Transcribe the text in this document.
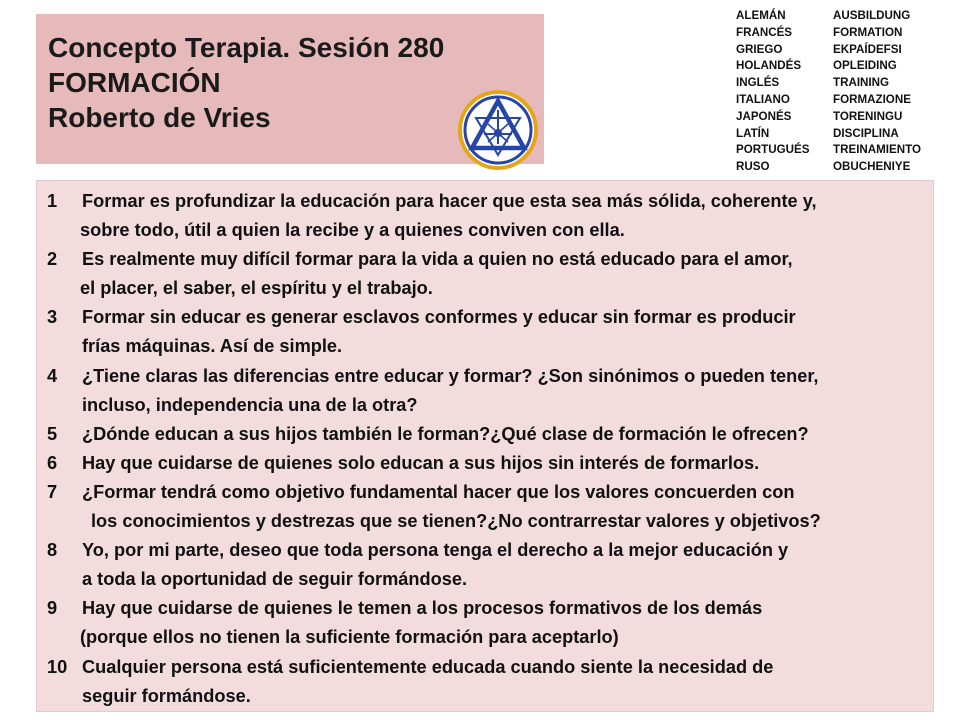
Concepto Terapia. Sesión 280
FORMACIÓN
Roberto de Vries
ALEMÁN	AUSBILDUNG
FRANCÉS	FORMATION
GRIEGO	EKPAÍDEFSI
HOLANDÉS	OPLEIDING
INGLÉS	TRAINING
ITALIANO	FORMAZIONE
JAPONÉS	TORENINGU
LATÍN	DISCIPLINA
PORTUGUÉS	TREINAMIENTO
RUSO	OBUCHENIYE
1 Formar es profundizar la educación para hacer que esta sea más sólida, coherente y,
sobre todo, útil a quien la recibe y a quienes conviven con ella.
2 Es realmente muy difícil formar para la vida a quien no está educado para el amor,
el placer, el saber, el espíritu y el trabajo.
3 Formar sin educar es generar esclavos conformes y educar sin formar es producir
frías máquinas. Así de simple.
4 ¿Tiene claras las diferencias entre educar y formar? ¿Son sinónimos o pueden tener,
incluso, independencia una de la otra?
5 ¿Dónde educan a sus hijos también le forman?¿Qué clase de formación le ofrecen?
6 Hay que cuidarse de quienes solo educan a sus hijos sin interés de formarlos.
7 ¿Formar tendrá como objetivo fundamental hacer que los valores concuerden con
los conocimientos y destrezas que se tienen?¿No contrarrestar valores y objetivos?
8 Yo, por mi parte, deseo que toda persona tenga el derecho a la mejor educación y
a toda la oportunidad de seguir formándose.
9 Hay que cuidarse de quienes le temen a los procesos formativos de los demás
(porque ellos no tienen la suficiente formación para aceptarlo)
10 Cualquier persona está suficientemente educada cuando siente la necesidad de
seguir formándose.
